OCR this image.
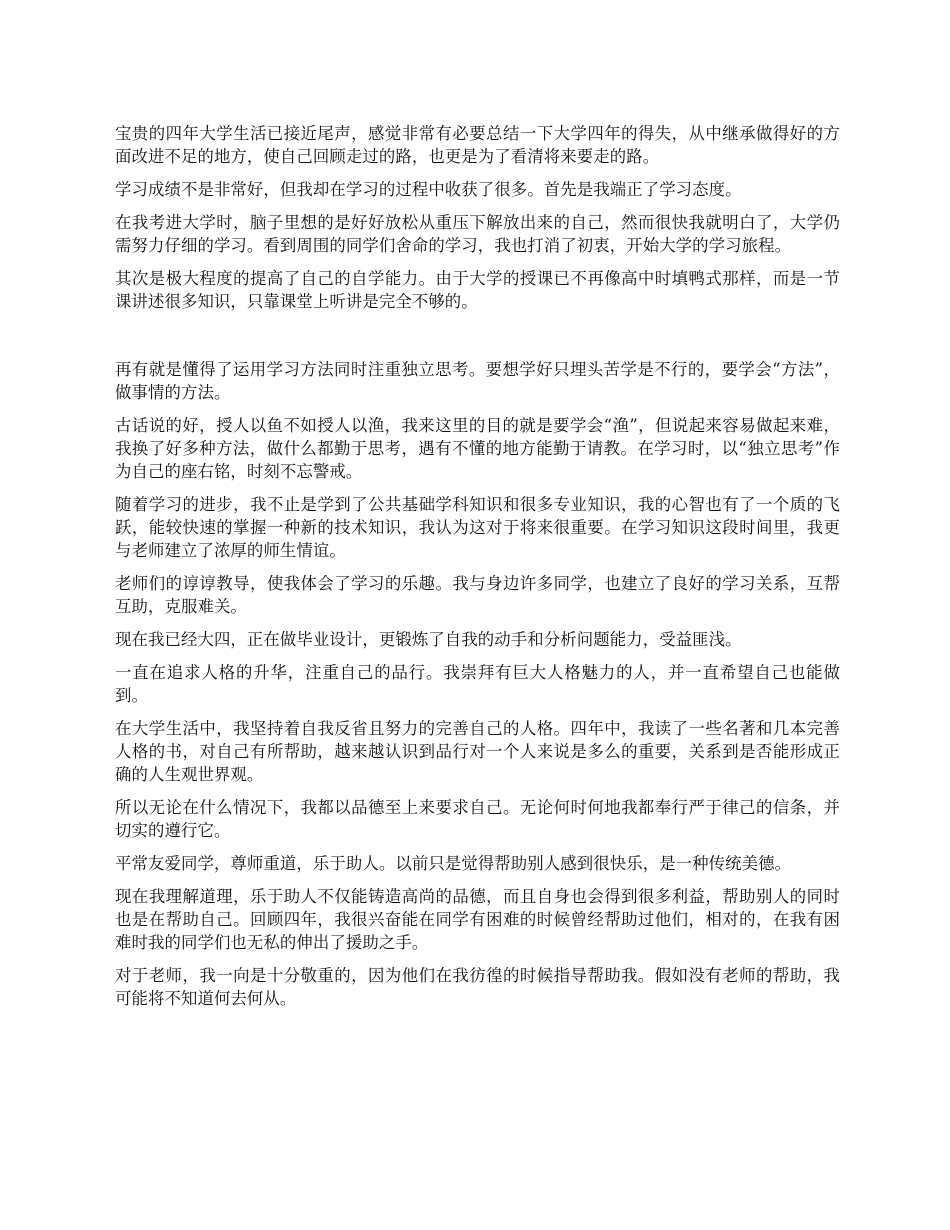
宝贵的四年大学生活已接近尾声，感觉非常有必要总结一下大学四年的得失，从中继承做得好的方面改进不足的地方，使自己回顾走过的路，也更是为了看清将来要走的路。

学习成绩不是非常好，但我却在学习的过程中收获了很多。首先是我端正了学习态度。

在我考进大学时，脑子里想的是好好放松从重压下解放出来的自己，然而很快我就明白了，大学仍需努力仔细的学习。看到周围的同学们舍命的学习，我也打消了初衷，开始大学的学习旅程。

其次是极大程度的提高了自己的自学能力。由于大学的授课已不再像高中时填鸭式那样，而是一节课讲述很多知识，只靠课堂上听讲是完全不够的。

再有就是懂得了运用学习方法同时注重独立思考。要想学好只埋头苦学是不行的，要学会“方法”，做事情的方法。

古话说的好，授人以鱼不如授人以渔，我来这里的目的就是要学会“渔”，但说起来容易做起来难，我换了好多种方法，做什么都勤于思考，遇有不懂的地方能勤于请教。在学习时，以“独立思考”作为自己的座右铭，时刻不忘警戒。

随着学习的进步，我不止是学到了公共基础学科知识和很多专业知识，我的心智也有了一个质的飞跃，能较快速的掌握一种新的技术知识，我认为这对于将来很重要。在学习知识这段时间里，我更与老师建立了浓厚的师生情谊。

老师们的谆谆教导，使我体会了学习的乐趣。我与身边许多同学，也建立了良好的学习关系，互帮互助，克服难关。

现在我已经大四，正在做毕业设计，更锻炼了自我的动手和分析问题能力，受益匪浅。

一直在追求人格的升华，注重自己的品行。我崇拜有巨大人格魅力的人，并一直希望自己也能做到。

在大学生活中，我坚持着自我反省且努力的完善自己的人格。四年中，我读了一些名著和几本完善人格的书，对自己有所帮助，越来越认识到品行对一个人来说是多么的重要，关系到是否能形成正确的人生观世界观。

所以无论在什么情况下，我都以品德至上来要求自己。无论何时何地我都奉行严于律己的信条，并切实的遵行它。

平常友爱同学，尊师重道，乐于助人。以前只是觉得帮助别人感到很快乐，是一种传统美德。

现在我理解道理，乐于助人不仅能铸造高尚的品德，而且自身也会得到很多利益，帮助别人的同时也是在帮助自己。回顾四年，我很兴奋能在同学有困难的时候曾经帮助过他们，相对的，在我有困难时我的同学们也无私的伸出了援助之手。

对于老师，我一向是十分敬重的，因为他们在我彷徨的时候指导帮助我。假如没有老师的帮助，我可能将不知道何去何从。
